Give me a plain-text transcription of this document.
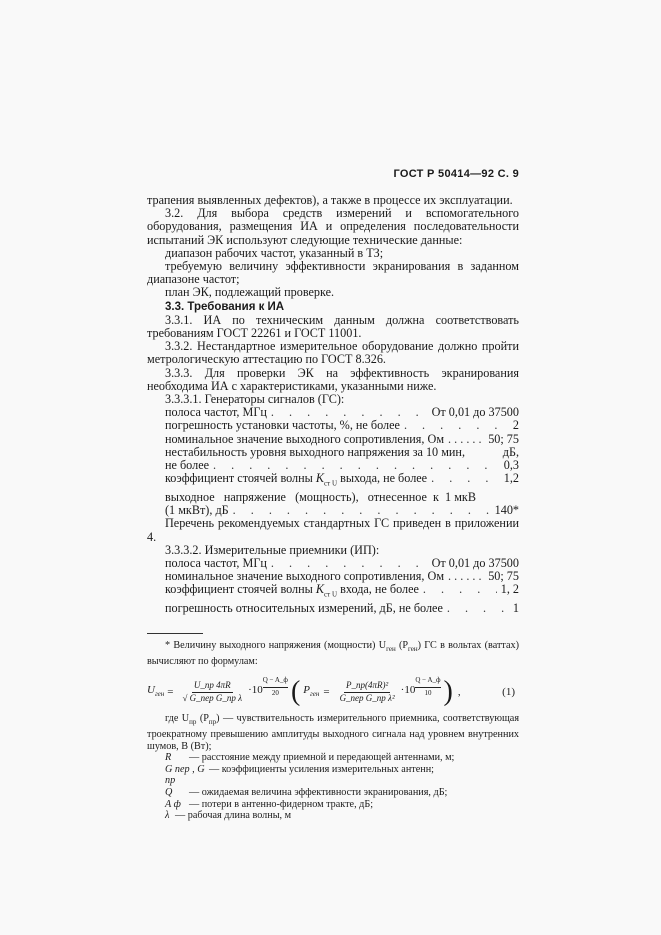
ГОСТ Р 50414—92 С. 9

трапения выявленных дефектов), а также в процессе их эксплуатации.

3.2. Для выбора средств измерений и вспомогательного оборудования, размещения ИА и определения последовательности испытаний ЭК используют следующие технические данные:

диапазон рабочих частот, указанный в ТЗ;

требуемую величину эффективности экранирования в заданном диапазоне частот;

план ЭК, подлежащий проверке.

3.3. Требования к ИА

3.3.1. ИА по техническим данным должна соответствовать требованиям ГОСТ 22261 и ГОСТ 11001.

3.3.2. Нестандартное измерительное оборудование должно пройти метрологическую аттестацию по ГОСТ 8.326.

3.3.3. Для проверки ЭК на эффективность экранирования необходима ИА с характеристиками, указанными ниже.

3.3.3.1. Генераторы сигналов (ГС):

полоса частот, МГц . . .	От 0,01 до 37500
погрешность установки частоты, %, не более . . .	2
номинальное значение выходного сопротивления, Ом . . .	50; 75
нестабильность уровня выходного напряжения за 10 мин,	дБ,
не более . . .	0,3
коэффициент стоячей волны $K_{ст U}$ выхода, не более . . .	1,2
выходное   напряжение   (мощность),   отнесенное  к  1 мкВ
(1 мкВт), дБ . . .	140*

Перечень рекомендуемых стандартных ГС приведен в приложении 4.

3.3.3.2. Измерительные приемники (ИП):

полоса частот, МГц . . .	От 0,01 до 37500
номинальное значение выходного сопротивления, Ом . . .	50; 75
коэффициент стоячей волны $K_{ст U}$ входа, не более . . .	1, 2
погрешность относительных измерений, дБ, не более . . .	1

* Величину выходного напряжения (мощности) $U_{ген}$ $(P_{ген})$ ГС в вольтах (ваттах) вычисляют по формулам:

$U_{ген} = \frac{U\_пр 4\pi R}{\text{√ G\_пер G\_пр λ}} \cdot 10$
Q − A_ф
20 ( $P_{ген} = \frac{\text{P\_пр(4πR)²}}{\text{G\_пер G\_пр λ²}} \cdot 10$
Q − A_ф
10 ) ,	(1)

где $U_{пр}$ $(P_{пр})$ — чувствительность измерительного приемника, соответствующая троекратному превышению амплитуды выходного сигнала над уровнем внутренних шумов, В (Вт);

R	— расстояние между приемной и передающей антеннами, м;
G пер , G пр
— коэффициенты усиления измерительных антенн;
Q	— ожидаемая величина эффективности экранирования, дБ;
A ф — потери в антенно-фидерном тракте, дБ;
λ — рабочая длина волны, м
